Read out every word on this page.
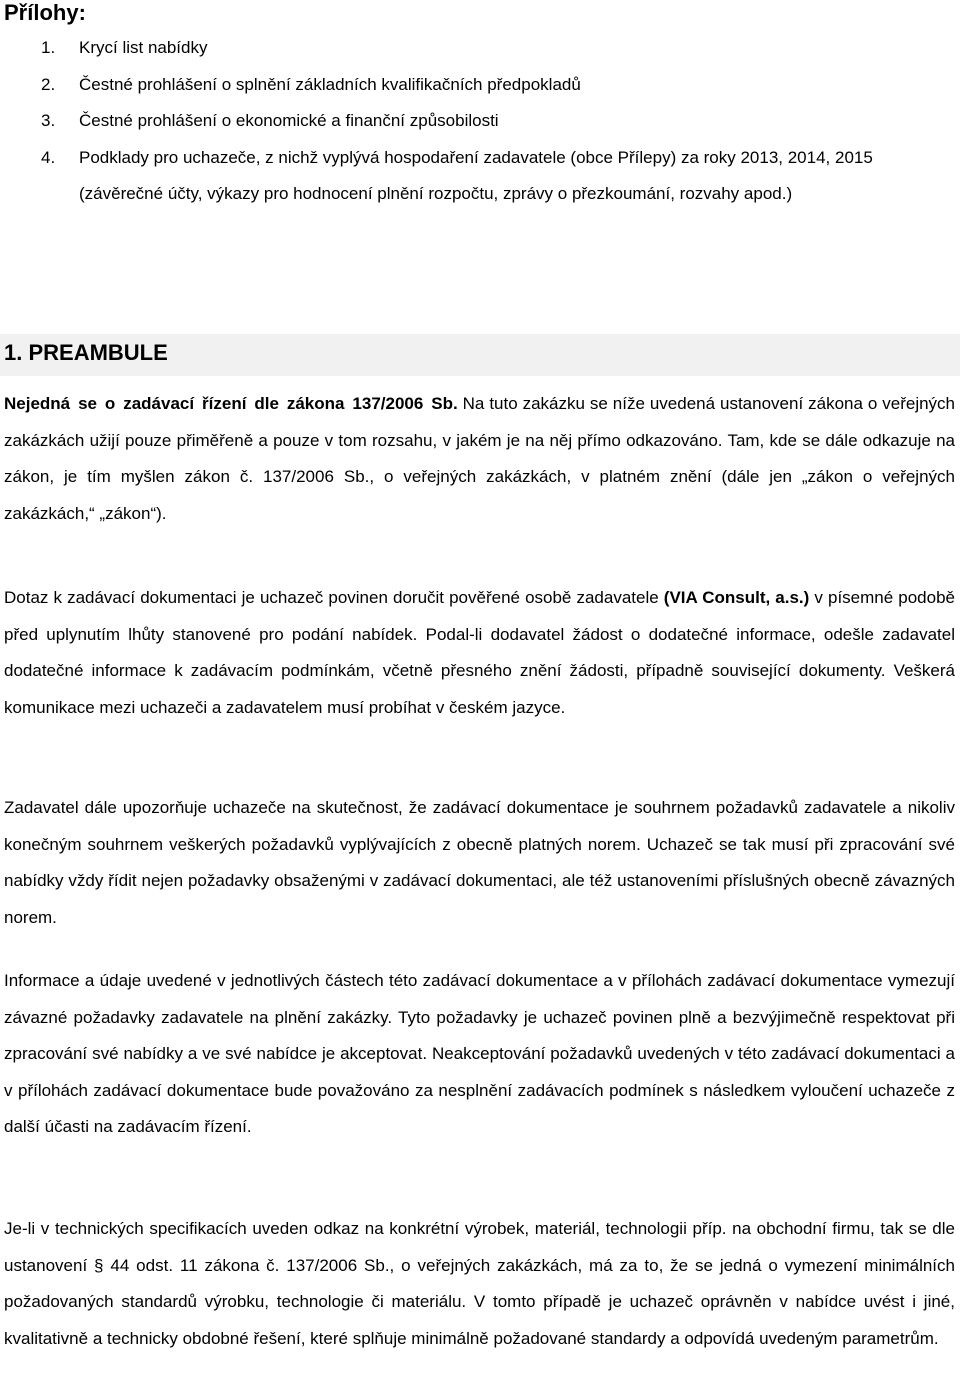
Přílohy:
1. Krycí list nabídky
2. Čestné prohlášení o splnění základních kvalifikačních předpokladů
3. Čestné prohlášení o ekonomické a finanční způsobilosti
4. Podklady pro uchazeče, z nichž vyplývá hospodaření zadavatele (obce Přílepy) za roky 2013, 2014, 2015 (závěrečné účty, výkazy pro hodnocení plnění rozpočtu, zprávy o přezkoumání, rozvahy apod.)
1. PREAMBULE

Nejedná se o zadávací řízení dle zákona 137/2006 Sb. Na tuto zakázku se níže uvedená ustanovení zákona o veřejných zakázkách užijí pouze přiměřeně a pouze v tom rozsahu, v jakém je na něj přímo odkazováno. Tam, kde se dále odkazuje na zákon, je tím myšlen zákon č. 137/2006 Sb., o veřejných zakázkách, v platném znění (dále jen „zákon o veřejných zakázkách,“ „zákon“).

Dotaz k zadávací dokumentaci je uchazeč povinen doručit pověřené osobě zadavatele (VIA Consult, a.s.) v písemné podobě před uplynutím lhůty stanovené pro podání nabídek. Podal-li dodavatel žádost o dodatečné informace, odešle zadavatel dodatečné informace k zadávacím podmínkám, včetně přesného znění žádosti, případně související dokumenty. Veškerá komunikace mezi uchazeči a zadavatelem musí probíhat v českém jazyce.

Zadavatel dále upozorňuje uchazeče na skutečnost, že zadávací dokumentace je souhrnem požadavků zadavatele a nikoliv konečným souhrnem veškerých požadavků vyplývajících z obecně platných norem. Uchazeč se tak musí při zpracování své nabídky vždy řídit nejen požadavky obsaženými v zadávací dokumentaci, ale též ustanoveními příslušných obecně závazných norem.

Informace a údaje uvedené v jednotlivých částech této zadávací dokumentace a v přílohách zadávací dokumentace vymezují závazné požadavky zadavatele na plnění zakázky. Tyto požadavky je uchazeč povinen plně a bezvýjimečně respektovat při zpracování své nabídky a ve své nabídce je akceptovat. Neakceptování požadavků uvedených v této zadávací dokumentaci a v přílohách zadávací dokumentace bude považováno za nesplnění zadávacích podmínek s následkem vyloučení uchazeče z další účasti na zadávacím řízení.

Je-li v technických specifikacích uveden odkaz na konkrétní výrobek, materiál, technologii příp. na obchodní firmu, tak se dle ustanovení § 44 odst. 11 zákona č. 137/2006 Sb., o veřejných zakázkách, má za to, že se jedná o vymezení minimálních požadovaných standardů výrobku, technologie či materiálu. V tomto případě je uchazeč oprávněn v nabídce uvést i jiné, kvalitativně a technicky obdobné řešení, které splňuje minimálně požadované standardy a odpovídá uvedeným parametrům.
